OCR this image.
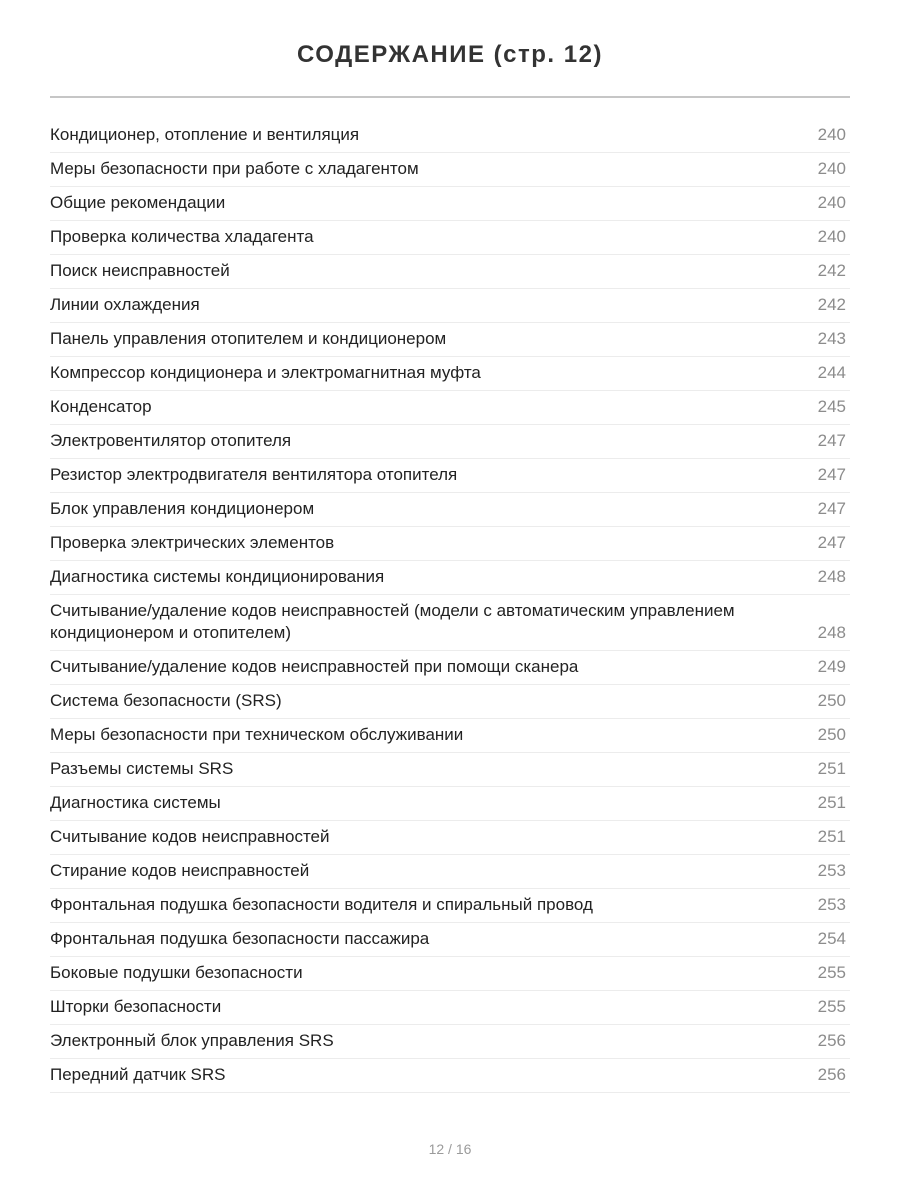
СОДЕРЖАНИЕ (стр. 12)
Кондиционер, отопление и вентиляция	240
Меры безопасности при работе с хладагентом	240
Общие рекомендации	240
Проверка количества хладагента	240
Поиск неисправностей	242
Линии охлаждения	242
Панель управления отопителем и кондиционером	243
Компрессор кондиционера и электромагнитная муфта	244
Конденсатор	245
Электровентилятор отопителя	247
Резистор электродвигателя вентилятора отопителя	247
Блок управления кондиционером	247
Проверка электрических элементов	247
Диагностика системы кондиционирования	248
Считывание/удаление кодов неисправностей (модели с автоматическим управлением кондиционером и отопителем)	248
Считывание/удаление кодов неисправностей при помощи сканера	249
Система безопасности (SRS)	250
Меры безопасности при техническом обслуживании	250
Разъемы системы SRS	251
Диагностика системы	251
Считывание кодов неисправностей	251
Стирание кодов неисправностей	253
Фронтальная подушка безопасности водителя и спиральный провод	253
Фронтальная подушка безопасности пассажира	254
Боковые подушки безопасности	255
Шторки безопасности	255
Электронный блок управления SRS	256
Передний датчик SRS	256
12 / 16
